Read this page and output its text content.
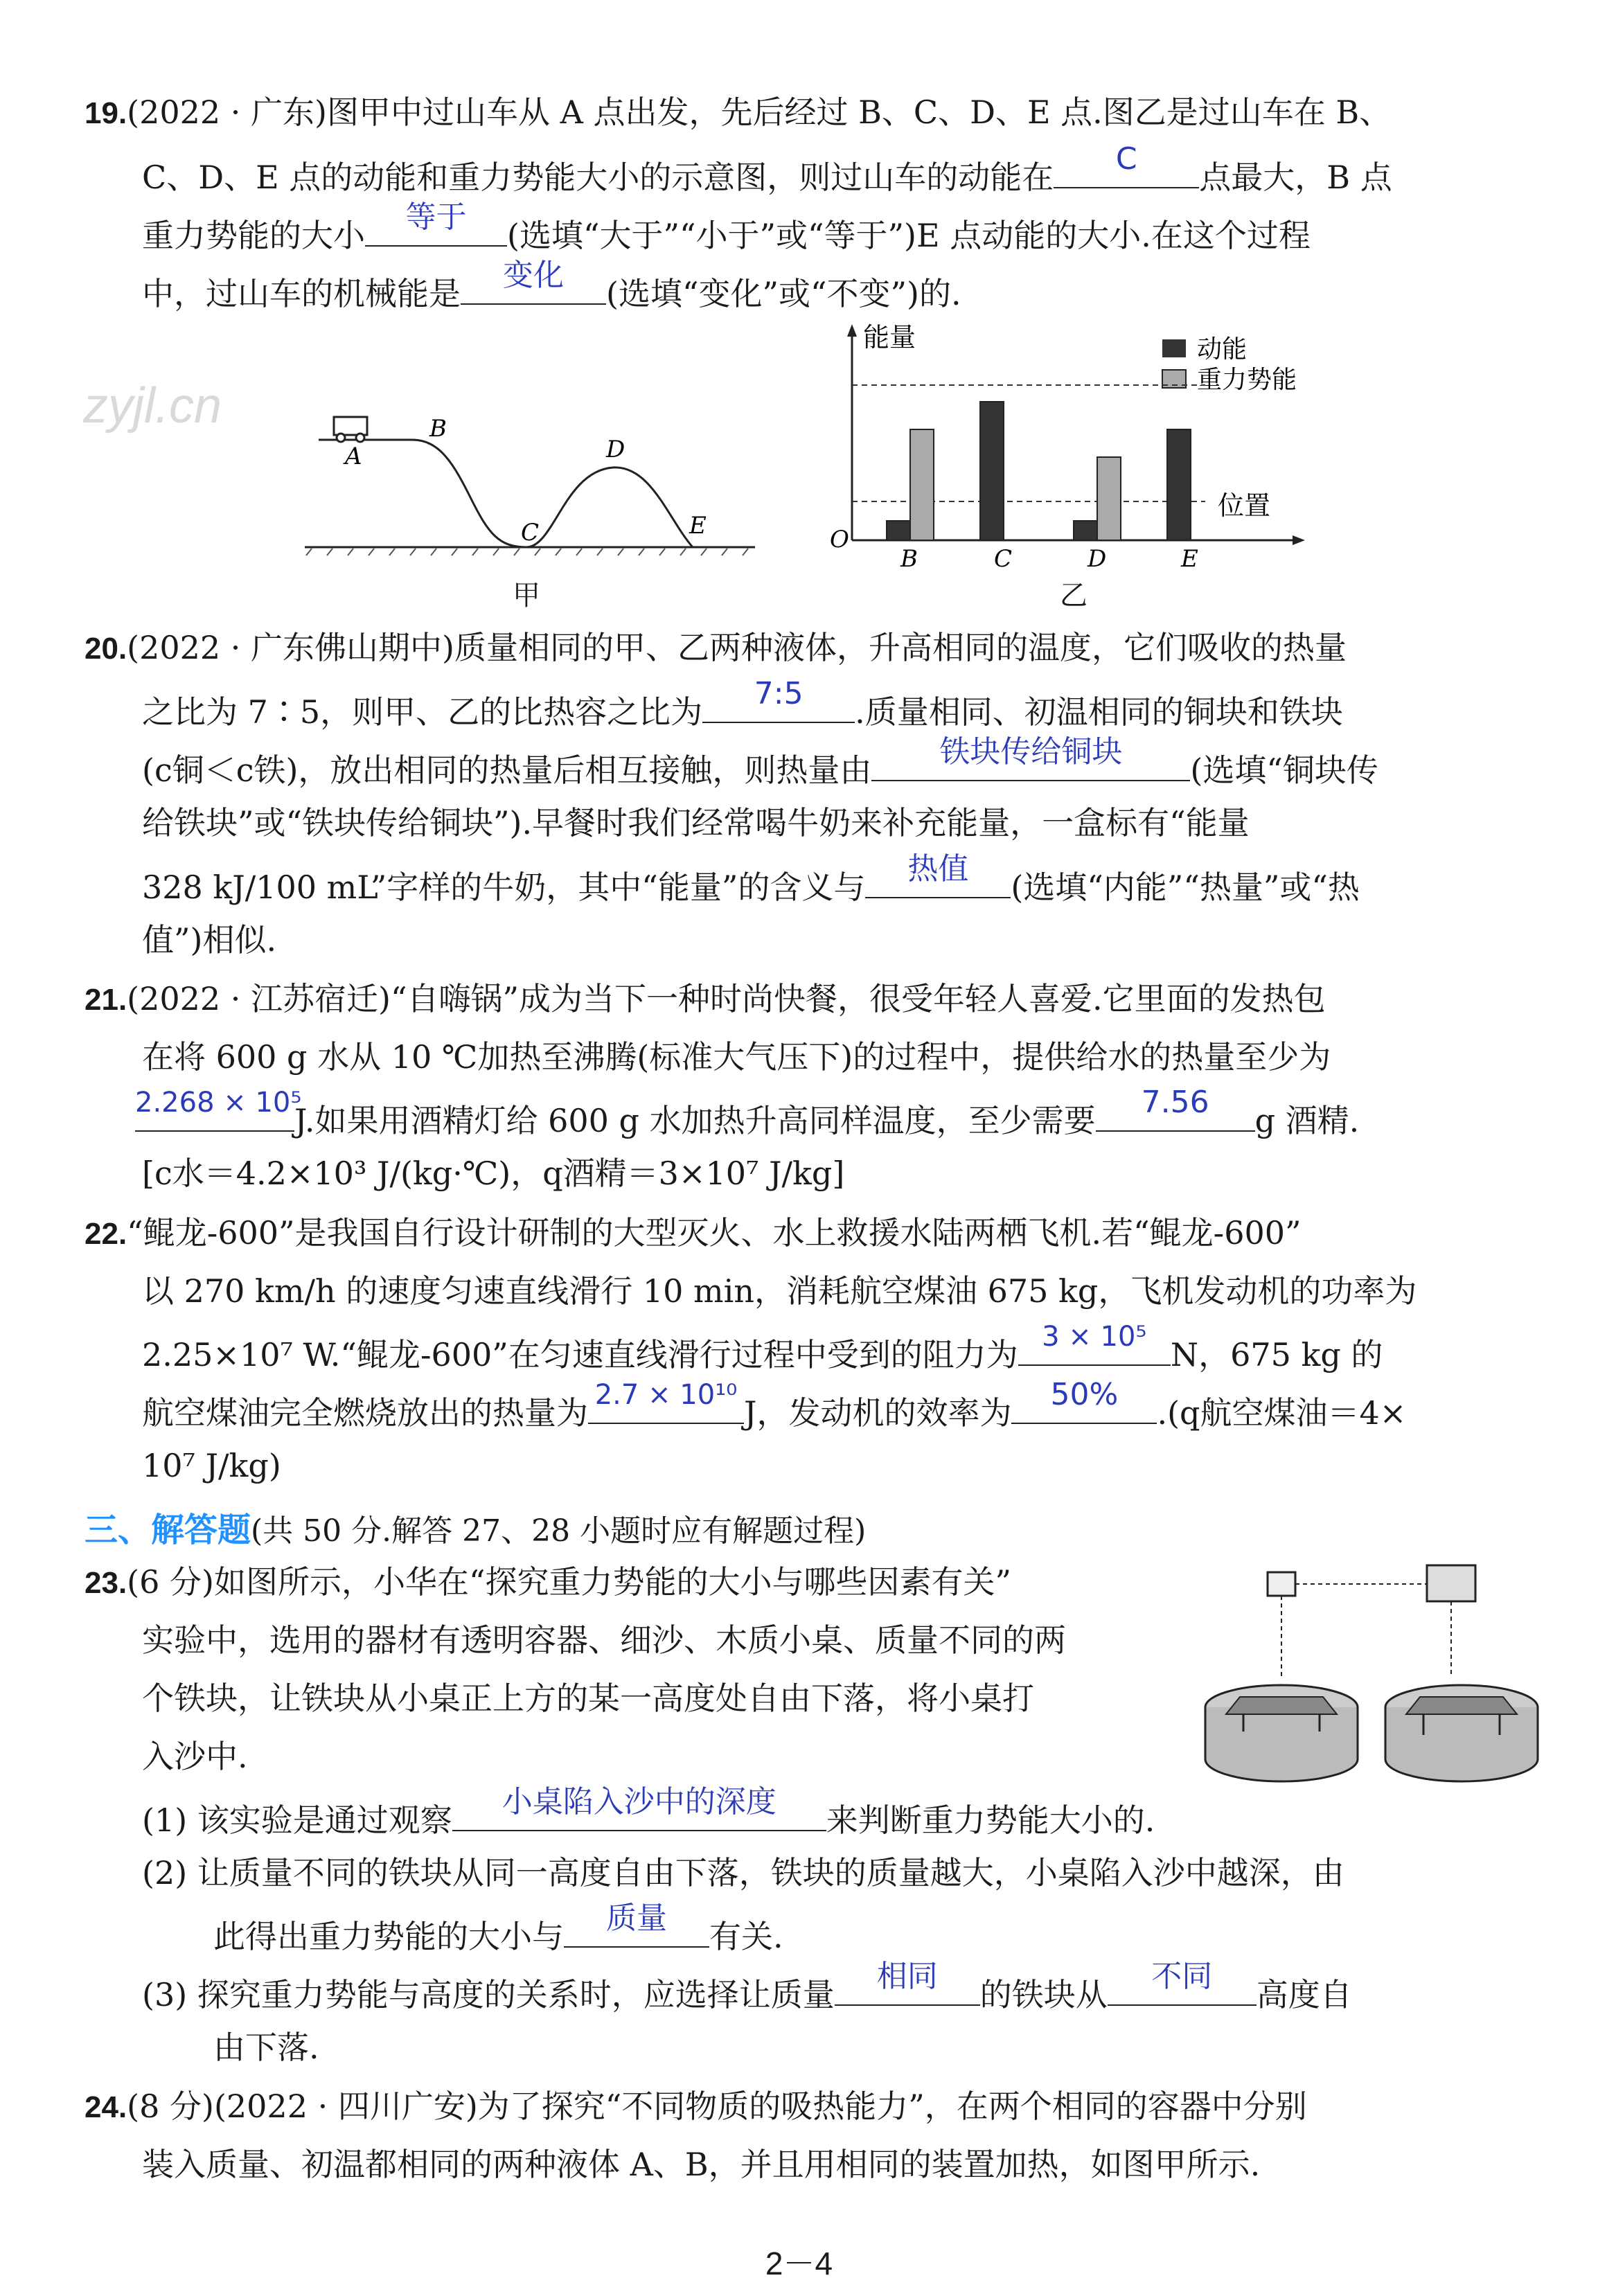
zyjl.cn
19.(2022 · 广东)图甲中过山车从 A 点出发，先后经过 B、C、D、E 点.图乙是过山车在 B、
C、D、E 点的动能和重力势能大小的示意图，则过山车的动能在	C	点最大，B 点
重力势能的大小	等于	(选填“大于”“小于”或“等于”)E 点动能的大小.在这个过程
中，过山车的机械能是	变化	(选填“变化”或“不变”)的.
A
B
C
D
E
甲
能量
位置
O
动能
重力势能
B	C	D	E
乙
20.(2022 · 广东佛山期中)质量相同的甲、乙两种液体，升高相同的温度，它们吸收的热量
之比为 7∶5，则甲、乙的比热容之比为	7:5	.质量相同、初温相同的铜块和铁块
(c铜＜c铁)，放出相同的热量后相互接触，则热量由	铁块传给铜块	(选填“铜块传
给铁块”或“铁块传给铜块”).早餐时我们经常喝牛奶来补充能量，一盒标有“能量
328 kJ/100 mL”字样的牛奶，其中“能量”的含义与	热值	(选填“内能”“热量”或“热
值”)相似.
21.(2022 · 江苏宿迁)“自嗨锅”成为当下一种时尚快餐，很受年轻人喜爱.它里面的发热包
在将 600 g 水从 10 ℃加热至沸腾(标准大气压下)的过程中，提供给水的热量至少为
2.268 × 10⁵
J.如果用酒精灯给 600 g 水加热升高同样温度，至少需要	7.56	g 酒精.
[c水＝4.2×10³ J/(kg·℃)，q酒精＝3×10⁷ J/kg]
22.“鲲龙-600”是我国自行设计研制的大型灭火、水上救援水陆两栖飞机.若“鲲龙-600”
以 270 km/h 的速度匀速直线滑行 10 min，消耗航空煤油 675 kg，飞机发动机的功率为
2.25×10⁷ W.“鲲龙-600”在匀速直线滑行过程中受到的阻力为 3 × 10⁵ N，675 kg 的
航空煤油完全燃烧放出的热量为 2.7 × 10¹⁰ J，发动机的效率为	50%	.(q航空煤油＝4×
10⁷ J/kg)
三、解答题(共 50 分.解答 27、28 小题时应有解题过程)
23.(6 分)如图所示，小华在“探究重力势能的大小与哪些因素有关”
实验中，选用的器材有透明容器、细沙、木质小桌、质量不同的两
个铁块，让铁块从小桌正上方的某一高度处自由下落，将小桌打
入沙中.
(1) 该实验是通过观察	小桌陷入沙中的深度	来判断重力势能大小的.
(2) 让质量不同的铁块从同一高度自由下落，铁块的质量越大，小桌陷入沙中越深，由
此得出重力势能的大小与	质量	有关.
(3) 探究重力势能与高度的关系时，应选择让质量	相同	的铁块从	不同	高度自
由下落.
24.(8 分)(2022 · 四川广安)为了探究“不同物质的吸热能力”，在两个相同的容器中分别
装入质量、初温都相同的两种液体 A、B，并且用相同的装置加热，如图甲所示.
2－4
